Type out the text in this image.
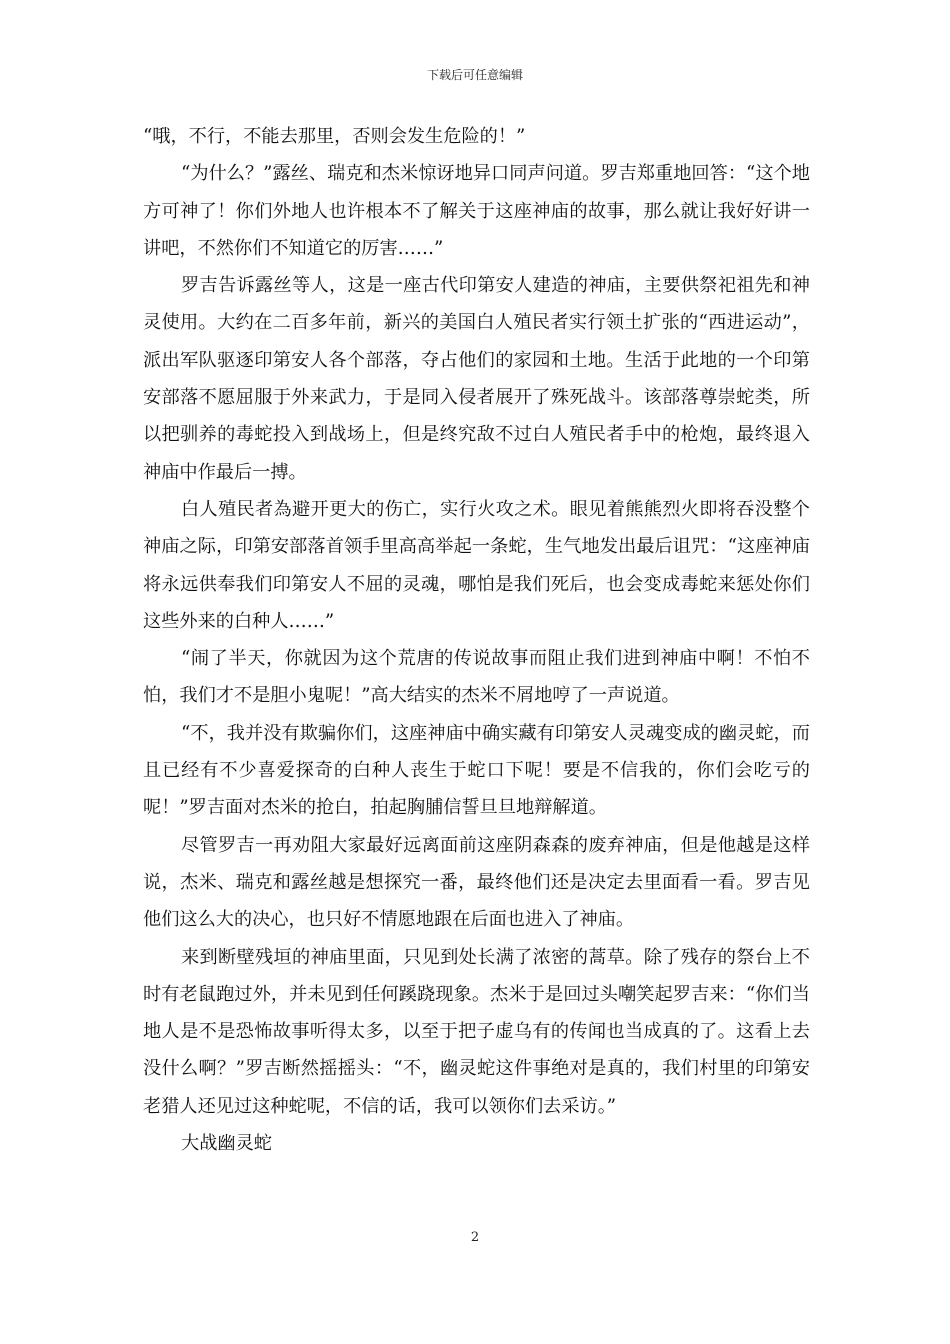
下载后可任意编辑

“哦，不行，不能去那里，否则会发生危险的！”

“为什么？”露丝、瑞克和杰米惊讶地异口同声问道。罗吉郑重地回答：“这个地方可神了！你们外地人也许根本不了解关于这座神庙的故事，那么就让我好好讲一讲吧，不然你们不知道它的厉害……”

罗吉告诉露丝等人，这是一座古代印第安人建造的神庙，主要供祭祀祖先和神灵使用。大约在二百多年前，新兴的美国白人殖民者实行领土扩张的“西进运动”，派出军队驱逐印第安人各个部落，夺占他们的家园和土地。生活于此地的一个印第安部落不愿屈服于外来武力，于是同入侵者展开了殊死战斗。该部落尊崇蛇类，所以把驯养的毒蛇投入到战场上，但是终究敌不过白人殖民者手中的枪炮，最终退入神庙中作最后一搏。

白人殖民者為避开更大的伤亡，实行火攻之术。眼见着熊熊烈火即将吞没整个神庙之际，印第安部落首领手里高高举起一条蛇，生气地发出最后诅咒：“这座神庙将永远供奉我们印第安人不屈的灵魂，哪怕是我们死后，也会变成毒蛇来惩处你们这些外来的白种人……”

“闹了半天，你就因为这个荒唐的传说故事而阻止我们进到神庙中啊！不怕不怕，我们才不是胆小鬼呢！”高大结实的杰米不屑地哼了一声说道。

“不，我并没有欺骗你们，这座神庙中确实藏有印第安人灵魂变成的幽灵蛇，而且已经有不少喜爱探奇的白种人丧生于蛇口下呢！要是不信我的，你们会吃亏的呢！”罗吉面对杰米的抢白，拍起胸脯信誓旦旦地辩解道。

尽管罗吉一再劝阻大家最好远离面前这座阴森森的废弃神庙，但是他越是这样说，杰米、瑞克和露丝越是想探究一番，最终他们还是决定去里面看一看。罗吉见他们这么大的决心，也只好不情愿地跟在后面也进入了神庙。

来到断壁残垣的神庙里面，只见到处长满了浓密的蒿草。除了残存的祭台上不时有老鼠跑过外，并未见到任何蹊跷现象。杰米于是回过头嘲笑起罗吉来：“你们当地人是不是恐怖故事听得太多，以至于把子虚乌有的传闻也当成真的了。这看上去没什么啊？”罗吉断然摇摇头：“不，幽灵蛇这件事绝对是真的，我们村里的印第安老猎人还见过这种蛇呢，不信的话，我可以领你们去采访。”

大战幽灵蛇

2
